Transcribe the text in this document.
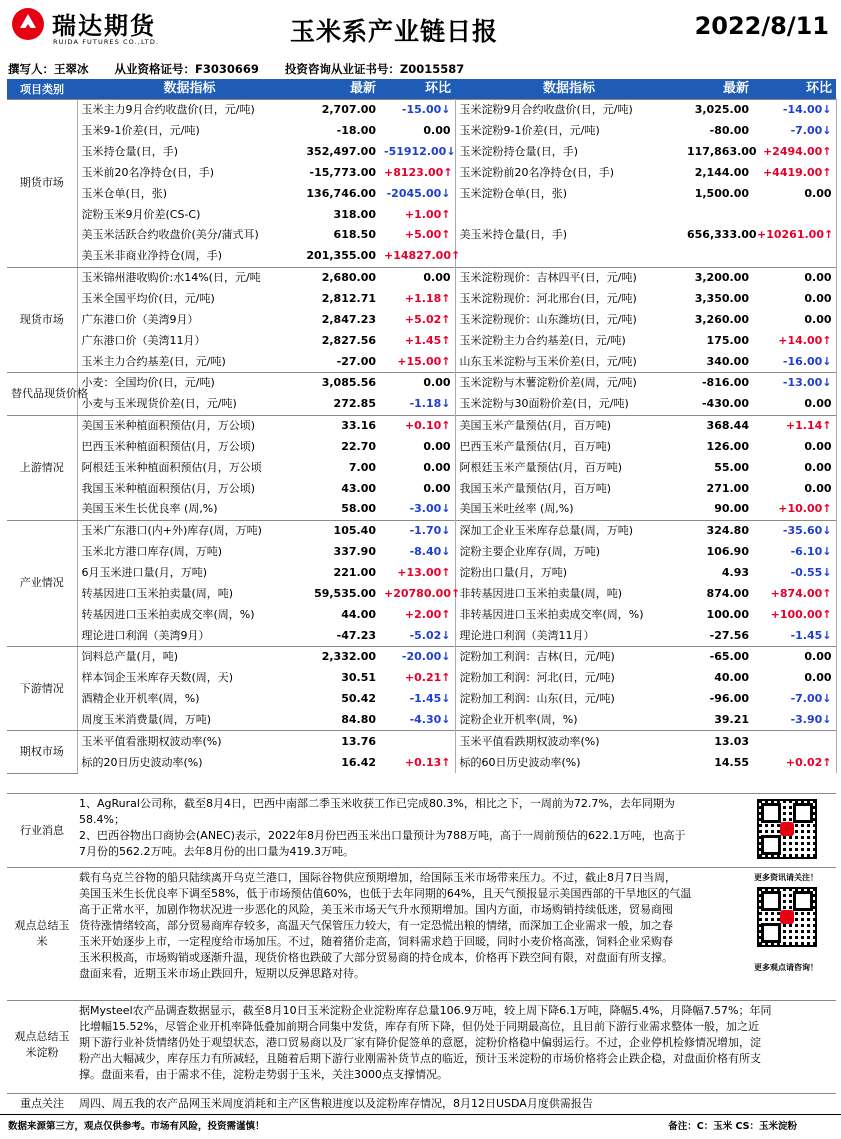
瑞达期货
RUIDA FUTURES CO.,LTD.	玉米系产业链日报	2022/8/11
撰写人：王翠冰 从业资格证号：F3030669 投资咨询从业证书号：Z0015587
项目类别	数据指标	最新	环比	数据指标	最新	环比
期货市场	玉米主力9月合约收盘价(日，元/吨)	2,707.00	-15.00↓	玉米淀粉9月合约收盘价(日，元/吨)	3,025.00	-14.00↓
	玉米9-1价差(日，元/吨)	-18.00	0.00	玉米淀粉9-1价差(日，元/吨)	-80.00	-7.00↓
	玉米持仓量(日，手)	352,497.00	-51912.00↓	玉米淀粉持仓量(日，手)	117,863.00	+2494.00↑
	玉米前20名净持仓(日，手)	-15,773.00	+8123.00↑	玉米淀粉前20名净持仓(日，手)	2,144.00	+4419.00↑
	玉米仓单(日，张)	136,746.00	-2045.00↓	玉米淀粉仓单(日，张)	1,500.00	0.00
	淀粉玉米9月价差(CS-C)	318.00	+1.00↑			
	美玉米活跃合约收盘价(美分/蒲式耳)	618.50	+5.00↑	美玉米持仓量(日，手)	656,333.00	+10261.00↑
	美玉米非商业净持仓(周，手)	201,355.00	+14827.00↑			
现货市场	玉米锦州港收购价:水14%(日，元/吨	2,680.00	0.00	玉米淀粉现价：吉林四平(日，元/吨)	3,200.00	0.00
	玉米全国平均价(日，元/吨)	2,812.71	+1.18↑	玉米淀粉现价：河北邢台(日，元/吨)	3,350.00	0.00
	广东港口价（美湾9月）	2,847.23	+5.02↑	玉米淀粉现价：山东潍坊(日，元/吨)	3,260.00	0.00
	广东港口价（美湾11月）	2,827.56	+1.45↑	玉米淀粉主力合约基差(日，元/吨)	175.00	+14.00↑
	玉米主力合约基差(日，元/吨)	-27.00	+15.00↑	山东玉米淀粉与玉米价差(日，元/吨)	340.00	-16.00↓
替代品现货价格	小麦：全国均价(日，元/吨)	3,085.56	0.00	玉米淀粉与木薯淀粉价差(周，元/吨)	-816.00	-13.00↓
	小麦与玉米现货价差(日，元/吨)	272.85	-1.18↓	玉米淀粉与30面粉价差(日，元/吨)	-430.00	0.00
上游情况	美国玉米种植面积预估(月，万公顷)	33.16	+0.10↑	美国玉米产量预估(月，百万吨)	368.44	+1.14↑
	巴西玉米种植面积预估(月，万公顷)	22.70	0.00	巴西玉米产量预估(月，百万吨)	126.00	0.00
	阿根廷玉米种植面积预估(月，万公顷	7.00	0.00	阿根廷玉米产量预估(月，百万吨)	55.00	0.00
	我国玉米种植面积预估(月，万公顷)	43.00	0.00	我国玉米产量预估(月，百万吨)	271.00	0.00
	美国玉米生长优良率 (周,%)	58.00	-3.00↓	美国玉米吐丝率 (周,%)	90.00	+10.00↑
产业情况	玉米广东港口(内+外)库存(周，万吨)	105.40	-1.70↓	深加工企业玉米库存总量(周，万吨)	324.80	-35.60↓
	玉米北方港口库存(周，万吨)	337.90	-8.40↓	淀粉主要企业库存(周，万吨)	106.90	-6.10↓
	6月玉米进口量(月，万吨)	221.00	+13.00↑	淀粉出口量(月，万吨)	4.93	-0.55↓
	转基因进口玉米拍卖量(周，吨)	59,535.00	+20780.00↑	非转基因进口玉米拍卖量(周，吨)	874.00	+874.00↑
	转基因进口玉米拍卖成交率(周，%)	44.00	+2.00↑	非转基因进口玉米拍卖成交率(周，%)	100.00	+100.00↑
	理论进口利润（美湾9月）	-47.23	-5.02↓	理论进口利润（美湾11月）	-27.56	-1.45↓
下游情况	饲料总产量(月，吨)	2,332.00	-20.00↓	淀粉加工利润：吉林(日，元/吨)	-65.00	0.00
	样本饲企玉米库存天数(周，天)	30.51	+0.21↑	淀粉加工利润：河北(日，元/吨)	40.00	0.00
	酒精企业开机率(周，%)	50.42	-1.45↓	淀粉加工利润：山东(日，元/吨)	-96.00	-7.00↓
	周度玉米消费量(周，万吨)	84.80	-4.30↓	淀粉企业开机率(周，%)	39.21	-3.90↓
期权市场	玉米平值看涨期权波动率(%)	13.76		玉米平值看跌期权波动率(%)	13.03	
	标的20日历史波动率(%)	16.42	+0.13↑	标的60日历史波动率(%)	14.55	+0.02↑
行业消息
1、AgRural公司称，截至8月4日，巴西中南部二季玉米收获工作已完成80.3%，相比之下，一周前为72.7%，去年同期为
58.4%；
2、巴西谷物出口商协会(ANEC)表示，2022年8月份巴西玉米出口量预计为788万吨，高于一周前预估的622.1万吨，也高于
7月份的562.2万吨。去年8月份的出口量为419.3万吨。
观点总结玉米
载有乌克兰谷物的船只陆续离开乌克兰港口，国际谷物供应预期增加，给国际玉米市场带来压力。不过，截止8月7日当周，
美国玉米生长优良率下调至58%，低于市场预估值60%，也低于去年同期的64%，且天气预报显示美国西部的干旱地区的气温
高于正常水平，加剧作物状况进一步恶化的风险，美玉米市场天气升水预期增加。国内方面，市场购销持续低迷，贸易商囤
货待涨情绪较高，部分贸易商库存较多，高温天气保管压力较大，有一定恐慌出粮的情绪，而深加工企业需求一般，加之春
玉米开始逐步上市，一定程度给市场加压。不过，随着猪价走高，饲料需求趋于回暖，同时小麦价格高涨，饲料企业采购春
玉米积极高，市场购销或逐渐升温，现货价格也跌破了大部分贸易商的持仓成本，价格再下跌空间有限，对盘面有所支撑。
盘面来看，近期玉米市场止跌回升，短期以反弹思路对待。
观点总结玉米淀粉
据Mysteel农产品调查数据显示，截至8月10日玉米淀粉企业淀粉库存总量106.9万吨，较上周下降6.1万吨，降幅5.4%，月降幅7.57%；年同
比增幅15.52%，尽管企业开机率降低叠加前期合同集中发货，库存有所下降，但仍处于同期最高位，且目前下游行业需求整体一般，加之近
期下游行业补货情绪仍处于观望状态，港口贸易商以及厂家有降价促签单的意愿，淀粉价格稳中偏弱运行。不过，企业停机检修情况增加，淀
粉产出大幅减少，库存压力有所减轻，且随着后期下游行业刚需补货节点的临近，预计玉米淀粉的市场价格将会止跌企稳，对盘面价格有所支
撑。盘面来看，由于需求不佳，淀粉走势弱于玉米，关注3000点支撑情况。
重点关注	周四、周五我的农产品网玉米周度消耗和主产区售粮进度以及淀粉库存情况，8月12日USDA月度供需报告
更多资讯请关注！
更多观点请咨询！
数据来源第三方，观点仅供参考。市场有风险，投资需谨慎！	备注：C：玉米 CS：玉米淀粉
